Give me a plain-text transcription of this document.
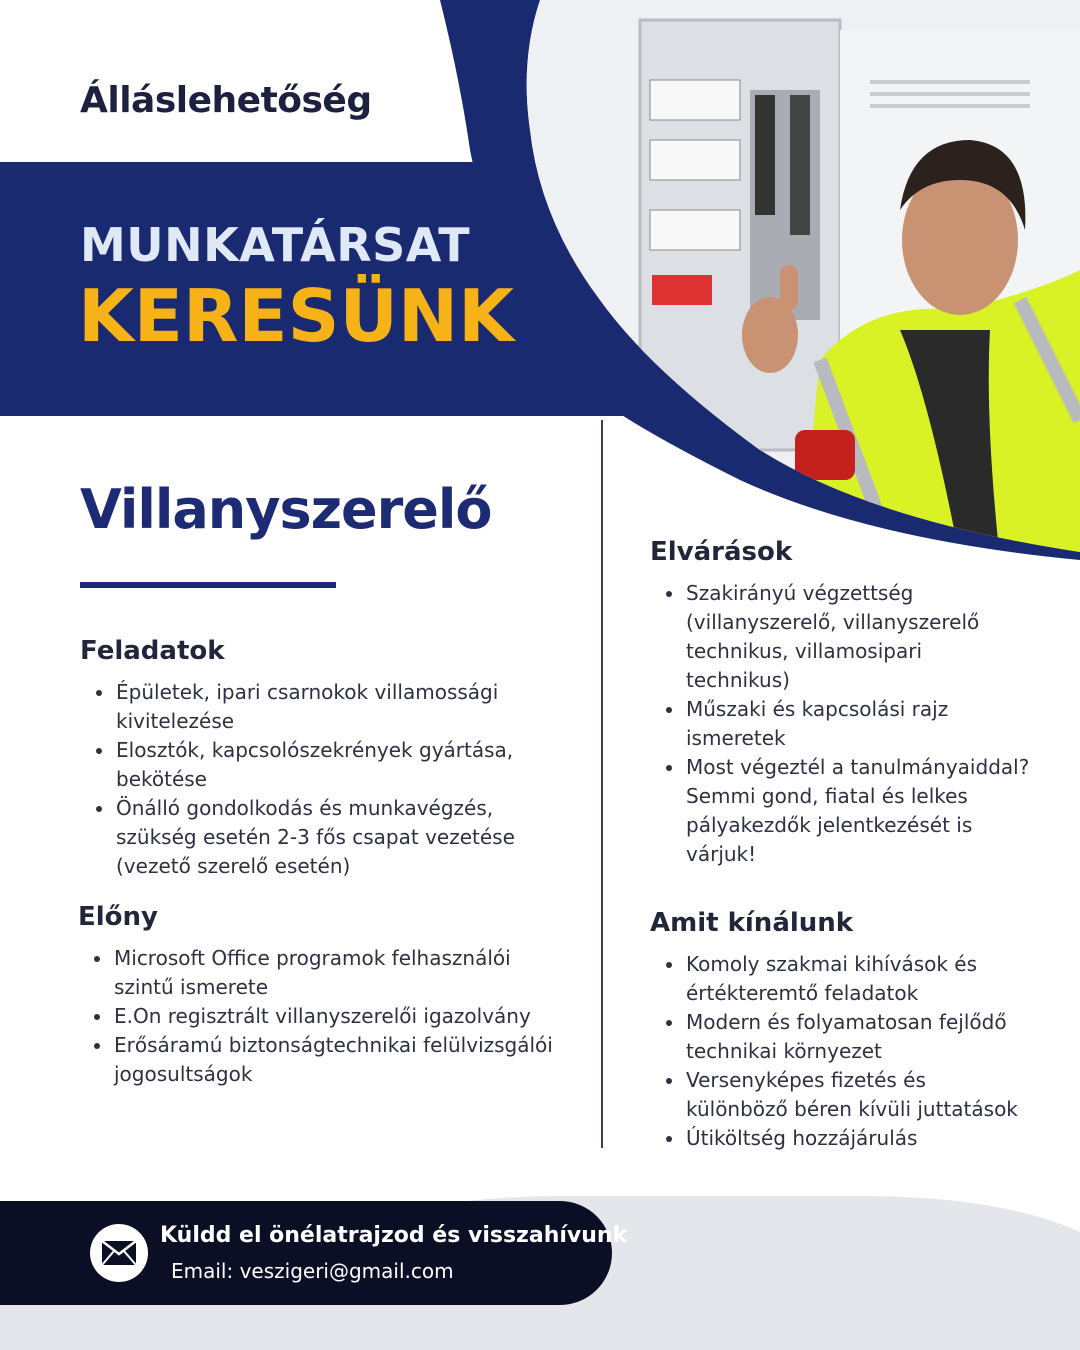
Álláslehetőség
MUNKATÁRSAT
KERESÜNK
Villanyszerelő
Feladatok
Épületek, ipari csarnokok villamossági kivitelezése
Elosztók, kapcsolószekrények gyártása, bekötése
Önálló gondolkodás és munkavégzés, szükség esetén 2-3 fős csapat vezetése (vezető szerelő esetén)
Előny
Microsoft Office programok felhasználói szintű ismerete
E.On regisztrált villanyszerelői igazolvány
Erősáramú biztonságtechnikai felülvizsgálói jogosultságok
Elvárások
Szakirányú végzettség (villanyszerelő, villanyszerelő technikus, villamosipari technikus)
Műszaki és kapcsolási rajz ismeretek
Most végeztél a tanulmányaiddal? Semmi gond, fiatal és lelkes pályakezdők jelentkezését is várjuk!
Amit kínálunk
Komoly szakmai kihívások és értékteremtő feladatok
Modern és folyamatosan fejlődő technikai környezet
Versenyképes fizetés és különböző béren kívüli juttatások
Útiköltség hozzájárulás
Küldd el önélatrajzod és visszahívunk
Email: veszigeri@gmail.com
